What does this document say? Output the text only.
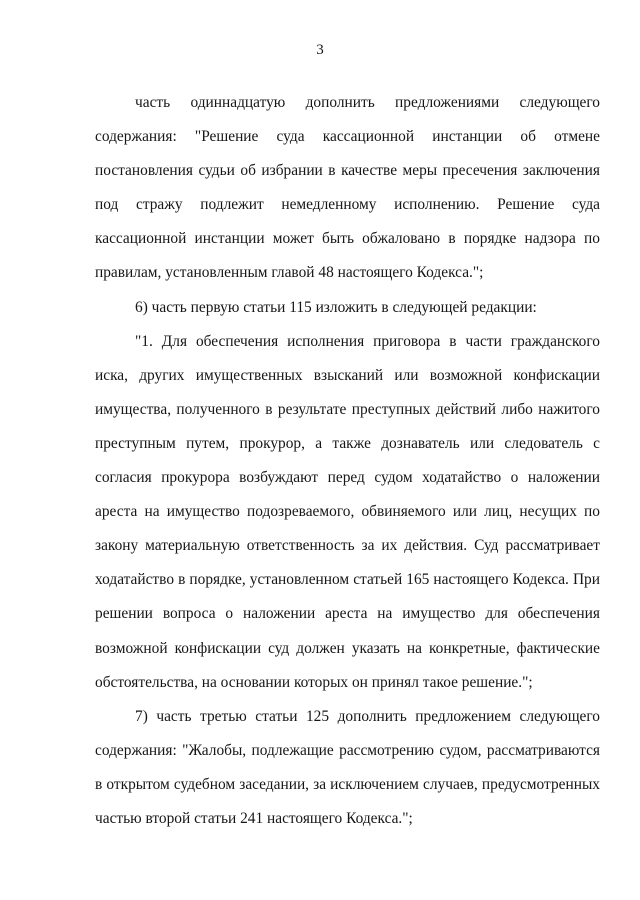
3

часть одиннадцатую дополнить предложениями следующего содержания: "Решение суда кассационной инстанции об отмене постановления судьи об избрании в качестве меры пресечения заключения под стражу подлежит немедленному исполнению. Решение суда кассационной инстанции может быть обжаловано в порядке надзора по правилам, установленным главой 48 настоящего Кодекса.";

6) часть первую статьи 115 изложить в следующей редакции:

"1. Для обеспечения исполнения приговора в части гражданского иска, других имущественных взысканий или возможной конфискации имущества, полученного в результате преступных действий либо нажитого преступным путем, прокурор, а также дознаватель или следователь с согласия прокурора возбуждают перед судом ходатайство о наложении ареста на имущество подозреваемого, обвиняемого или лиц, несущих по закону материальную ответственность за их действия. Суд рассматривает ходатайство в порядке, установленном статьей 165 настоящего Кодекса. При решении вопроса о наложении ареста на имущество для обеспечения возможной конфискации суд должен указать на конкретные, фактические обстоятельства, на основании которых он принял такое решение.";

7) часть третью статьи 125 дополнить предложением следующего содержания: "Жалобы, подлежащие рассмотрению судом, рассматриваются в открытом судебном заседании, за исключением случаев, предусмотренных частью второй статьи 241 настоящего Кодекса.";
